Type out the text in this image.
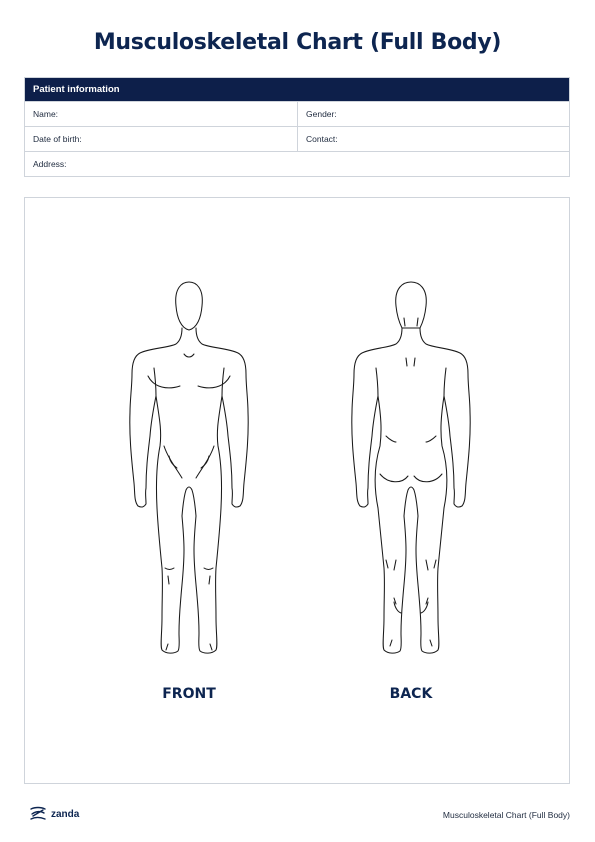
Musculoskeletal Chart (Full Body)
Patient information
Name:	Gender:
Date of birth:	Contact:
Address:
FRONT	BACK
zanda	Musculoskeletal Chart (Full Body)
